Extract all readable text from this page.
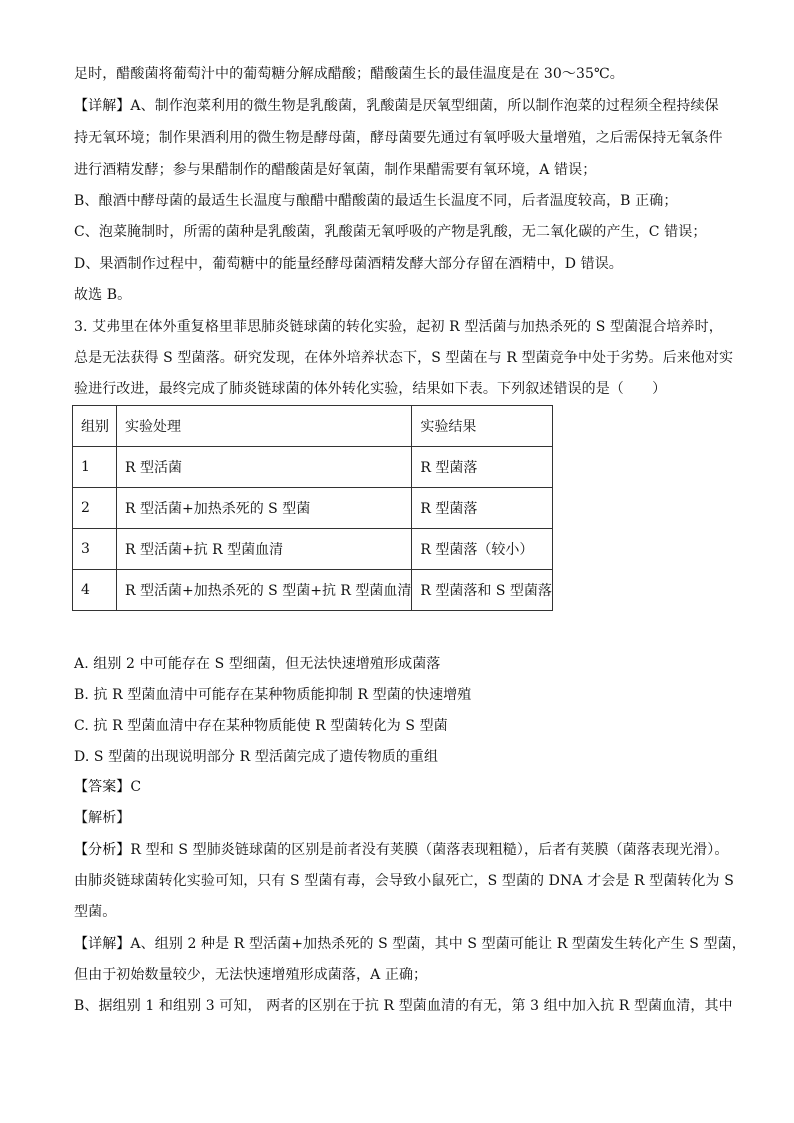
足时，醋酸菌将葡萄汁中的葡萄糖分解成醋酸；醋酸菌生长的最佳温度是在 30～35℃。
【详解】A、制作泡菜利用的微生物是乳酸菌，乳酸菌是厌氧型细菌，所以制作泡菜的过程须全程持续保
持无氧环境；制作果酒利用的微生物是酵母菌，酵母菌要先通过有氧呼吸大量增殖，之后需保持无氧条件
进行酒精发酵；参与果醋制作的醋酸菌是好氧菌，制作果醋需要有氧环境，A 错误；
B、酿酒中酵母菌的最适生长温度与酿醋中醋酸菌的最适生长温度不同，后者温度较高，B 正确；
C、泡菜腌制时，所需的菌种是乳酸菌，乳酸菌无氧呼吸的产物是乳酸，无二氧化碳的产生，C 错误；
D、果酒制作过程中，葡萄糖中的能量经酵母菌酒精发酵大部分存留在酒精中，D 错误。
故选 B。
3. 艾弗里在体外重复格里菲思肺炎链球菌的转化实验，起初 R 型活菌与加热杀死的 S 型菌混合培养时，
总是无法获得 S 型菌落。研究发现，在体外培养状态下，S 型菌在与 R 型菌竞争中处于劣势。后来他对实
验进行改进，最终完成了肺炎链球菌的体外转化实验，结果如下表。下列叙述错误的是（　　）
组别	实验处理	实验结果
1	R 型活菌	R 型菌落
2	R 型活菌+加热杀死的 S 型菌	R 型菌落
3	R 型活菌+抗 R 型菌血清	R 型菌落（较小）
4	R 型活菌+加热杀死的 S 型菌+抗 R 型菌血清	R 型菌落和 S 型菌落
A. 组别 2 中可能存在 S 型细菌，但无法快速增殖形成菌落
B. 抗 R 型菌血清中可能存在某种物质能抑制 R 型菌的快速增殖
C. 抗 R 型菌血清中存在某种物质能使 R 型菌转化为 S 型菌
D. S 型菌的出现说明部分 R 型活菌完成了遗传物质的重组
【答案】C
【解析】
【分析】R 型和 S 型肺炎链球菌的区别是前者没有荚膜（菌落表现粗糙），后者有荚膜（菌落表现光滑）。
由肺炎链球菌转化实验可知，只有 S 型菌有毒，会导致小鼠死亡，S 型菌的 DNA 才会是 R 型菌转化为 S
型菌。
【详解】A、组别 2 种是 R 型活菌+加热杀死的 S 型菌，其中 S 型菌可能让 R 型菌发生转化产生 S 型菌，
但由于初始数量较少，无法快速增殖形成菌落，A 正确；
B、据组别 1 和组别 3 可知， 两者的区别在于抗 R 型菌血清的有无，第 3 组中加入抗 R 型菌血清，其中
